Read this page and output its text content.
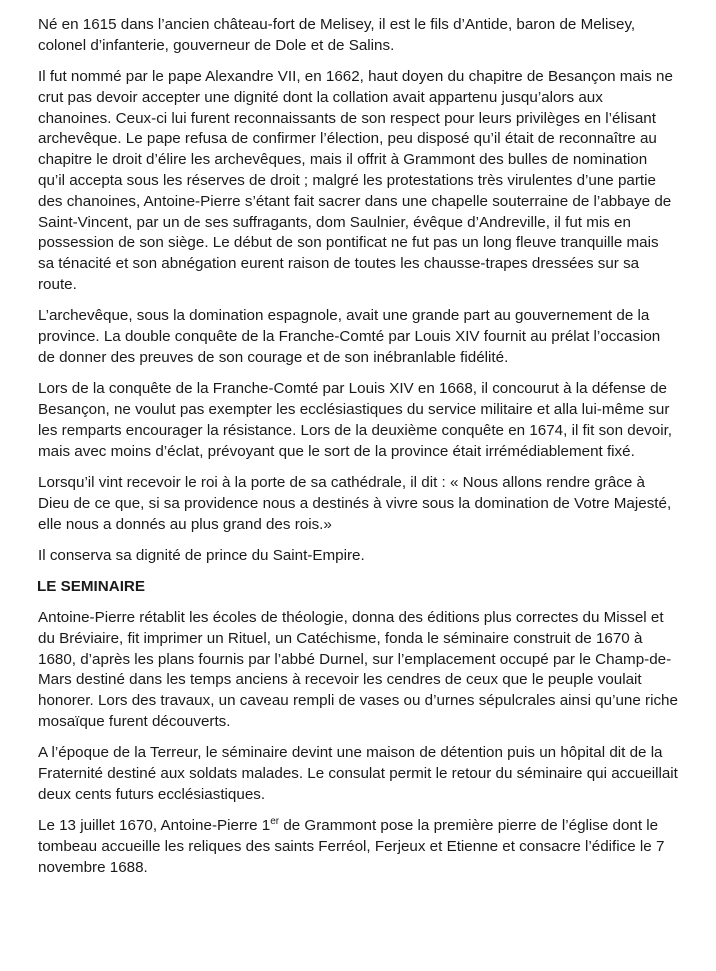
Né en 1615 dans l’ancien château-fort de Melisey, il est le fils d’Antide, baron de Melisey, colonel d’infanterie, gouverneur de Dole et de Salins.

Il fut nommé par le pape Alexandre VII, en 1662, haut doyen du chapitre de Besançon mais ne crut pas devoir accepter une dignité dont la collation avait appartenu jusqu’alors aux chanoines. Ceux-ci lui furent reconnaissants de son respect pour leurs privilèges en l’élisant archevêque. Le pape refusa de confirmer l’élection, peu disposé qu’il était de reconnaître au chapitre le droit d’élire les archevêques, mais il offrit à Grammont des bulles de nomination qu’il accepta sous les réserves de droit ; malgré les protestations très virulentes d’une partie des chanoines, Antoine-Pierre s’étant fait sacrer dans une chapelle souterraine de l’abbaye de Saint-Vincent, par un de ses suffragants, dom Saulnier, évêque d’Andreville, il fut mis en possession de son siège. Le début de son pontificat ne fut pas un long fleuve tranquille mais sa ténacité et son abnégation eurent raison de toutes les chausse-trapes dressées sur sa route.

L’archevêque, sous la domination espagnole, avait une grande part au gouvernement de la province. La double conquête de la Franche-Comté par Louis XIV fournit au prélat l’occasion de donner des preuves de son courage et de son inébranlable fidélité.

Lors de la conquête de la Franche-Comté par Louis XIV en 1668, il concourut à la défense de Besançon, ne voulut pas exempter les ecclésiastiques du service militaire et alla lui-même sur les remparts encourager la résistance. Lors de la deuxième conquête en 1674, il fit son devoir, mais avec moins d’éclat, prévoyant que le sort de la province était irrémédiablement fixé.

Lorsqu’il vint recevoir le roi à la porte de sa cathédrale, il dit : « Nous allons rendre grâce à Dieu de ce que, si sa providence nous a destinés à vivre sous la domination de Votre Majesté, elle nous a donnés au plus grand des rois.»

Il conserva sa dignité de prince du Saint-Empire.

LE SEMINAIRE

Antoine-Pierre rétablit les écoles de théologie, donna des éditions plus correctes du Missel et du Bréviaire, fit imprimer un Rituel, un Catéchisme, fonda le séminaire construit de 1670 à 1680, d’après les plans fournis par l’abbé Durnel, sur l’emplacement occupé par le Champ-de-Mars destiné dans les temps anciens à recevoir les cendres de ceux que le peuple voulait honorer. Lors des travaux, un caveau rempli de vases ou d’urnes sépulcrales ainsi qu’une riche mosaïque furent découverts.

A l’époque de la Terreur, le séminaire devint une maison de détention puis un hôpital dit de la Fraternité destiné aux soldats malades. Le consulat permit le retour du séminaire qui accueillait deux cents futurs ecclésiastiques.

Le 13 juillet 1670, Antoine-Pierre 1er de Grammont pose la première pierre de l’église dont le tombeau accueille les reliques des saints Ferréol, Ferjeux et Etienne et consacre l’édifice le 7 novembre 1688.
